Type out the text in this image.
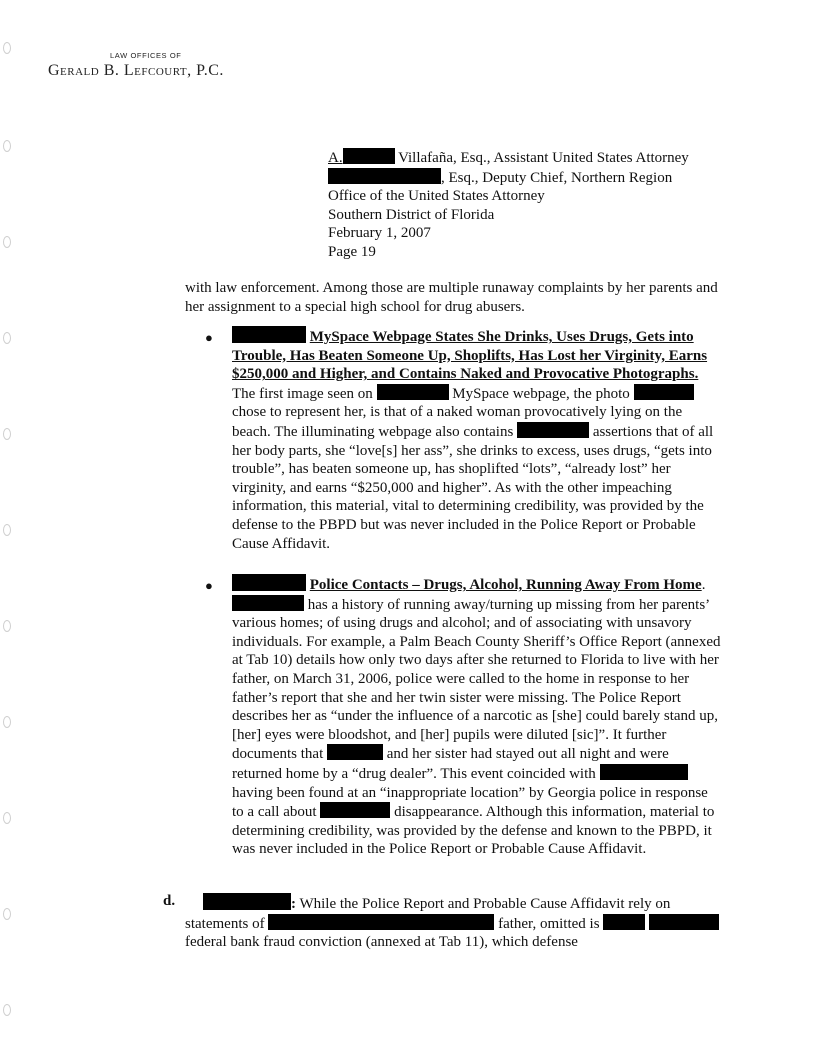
LAW OFFICES OF
Gerald B. Lefcourt, P.C.
A.	Villafaña, Esq., Assistant United States Attorney
, Esq., Deputy Chief, Northern Region
Office of the United States Attorney
Southern District of Florida
February 1, 2007
Page 19
with law enforcement. Among those are multiple runaway complaints by her parents and her assignment to a special high school for drug abusers.
●	MySpace Webpage States She Drinks, Uses Drugs, Gets into Trouble, Has Beaten Someone Up, Shoplifts, Has Lost her Virginity, Earns $250,000 and Higher, and Contains Naked and Provocative Photographs. The first image seen on	MySpace webpage, the photo  chose to represent her, is that of a naked woman provocatively lying on the beach. The illuminating webpage also contains	assertions that of all her body parts, she “love[s] her ass”, she drinks to excess, uses drugs, “gets into trouble”, has beaten someone up, has shoplifted “lots”, “already lost” her virginity, and earns “$250,000 and higher”. As with the other impeaching information, this material, vital to determining credibility, was provided by the defense to the PBPD but was never included in the Police Report or Probable Cause Affidavit.
●	Police Contacts – Drugs, Alcohol, Running Away From Home.  has a history of running away/turning up missing from her parents’ various homes; of using drugs and alcohol; and of associating with unsavory individuals. For example, a Palm Beach County Sheriff’s Office Report (annexed at Tab 10) details how only two days after she returned to Florida to live with her father, on March 31, 2006, police were called to the home in response to her father’s report that she and her twin sister were missing. The Police Report describes her as “under the influence of a narcotic as [she] could barely stand up, [her] eyes were bloodshot, and [her] pupils were diluted [sic]”. It further documents that	and her sister had stayed out all night and were returned home by a “drug dealer”. This event coincided with  having been found at an “inappropriate location” by Georgia police in response to a call about	disappearance. Although this information, material to determining credibility, was provided by the defense and known to the PBPD, it was never included in the Police Report or Probable Cause Affidavit.
d.	: While the Police Report and Probable Cause Affidavit rely on statements of	father, omitted is   federal bank fraud conviction (annexed at Tab 11), which defense
